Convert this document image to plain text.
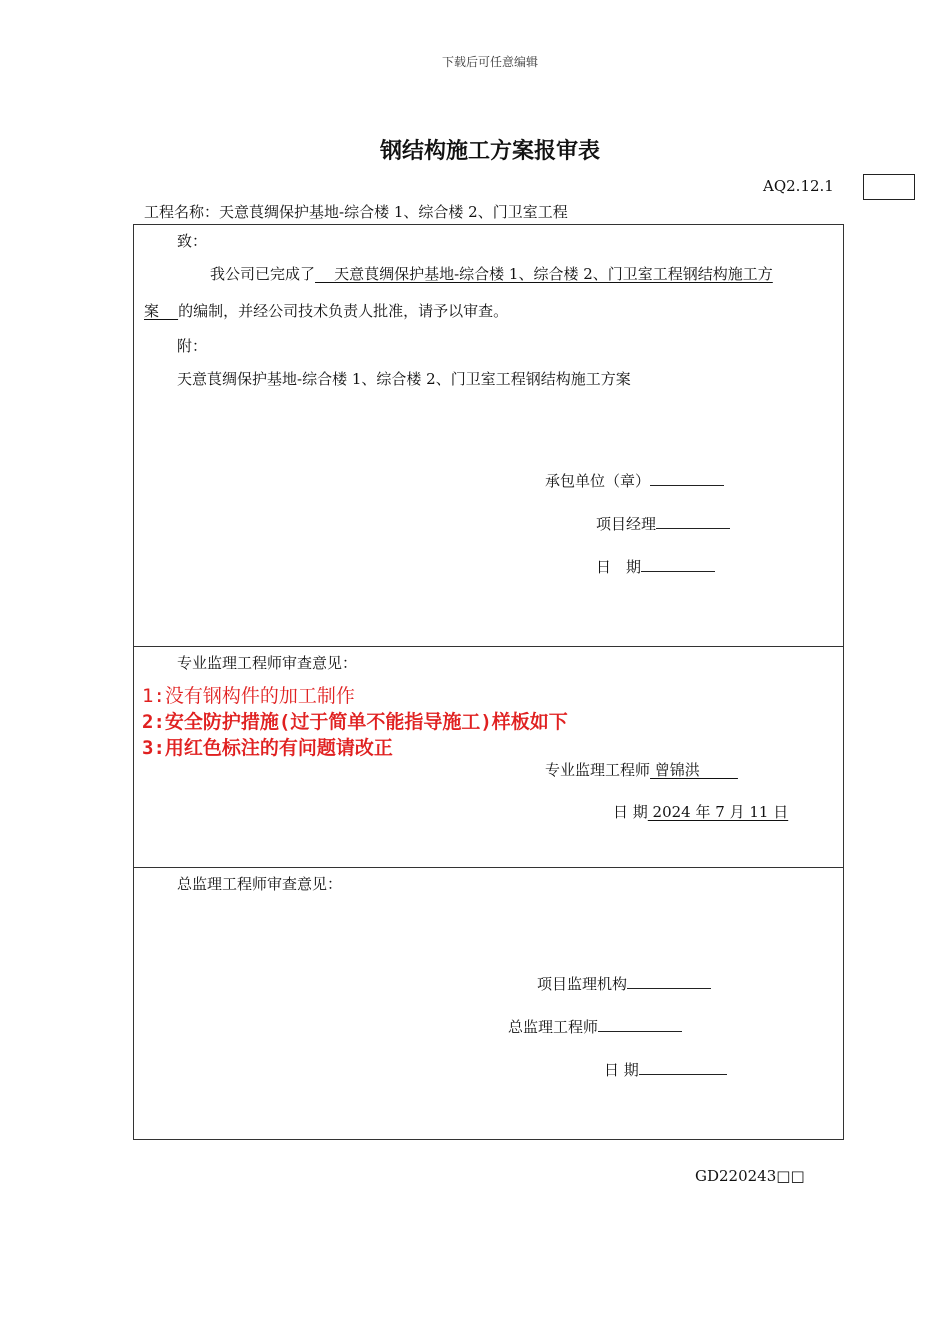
下载后可任意编辑
钢结构施工方案报审表
AQ2.12.1
工程名称：天意茛绸保护基地-综合楼 1、综合楼 2、门卫室工程
致：
我公司已完成了    天意茛绸保护基地-综合楼 1、综合楼 2、门卫室工程钢结构施工方
案    的编制，并经公司技术负责人批准，请予以审查。
附：
天意茛绸保护基地-综合楼 1、综合楼 2、门卫室工程钢结构施工方案
承包单位（章）
项目经理
日　期
专业监理工程师审查意见：
1:没有钢构件的加工制作
2:安全防护措施(过于简单不能指导施工)样板如下
3:用红色标注的有问题请改正
专业监理工程师 曾锦洪
日 期 2024 年 7 月 11 日
总监理工程师审查意见：
项目监理机构
总监理工程师
日 期
GD220243□□
